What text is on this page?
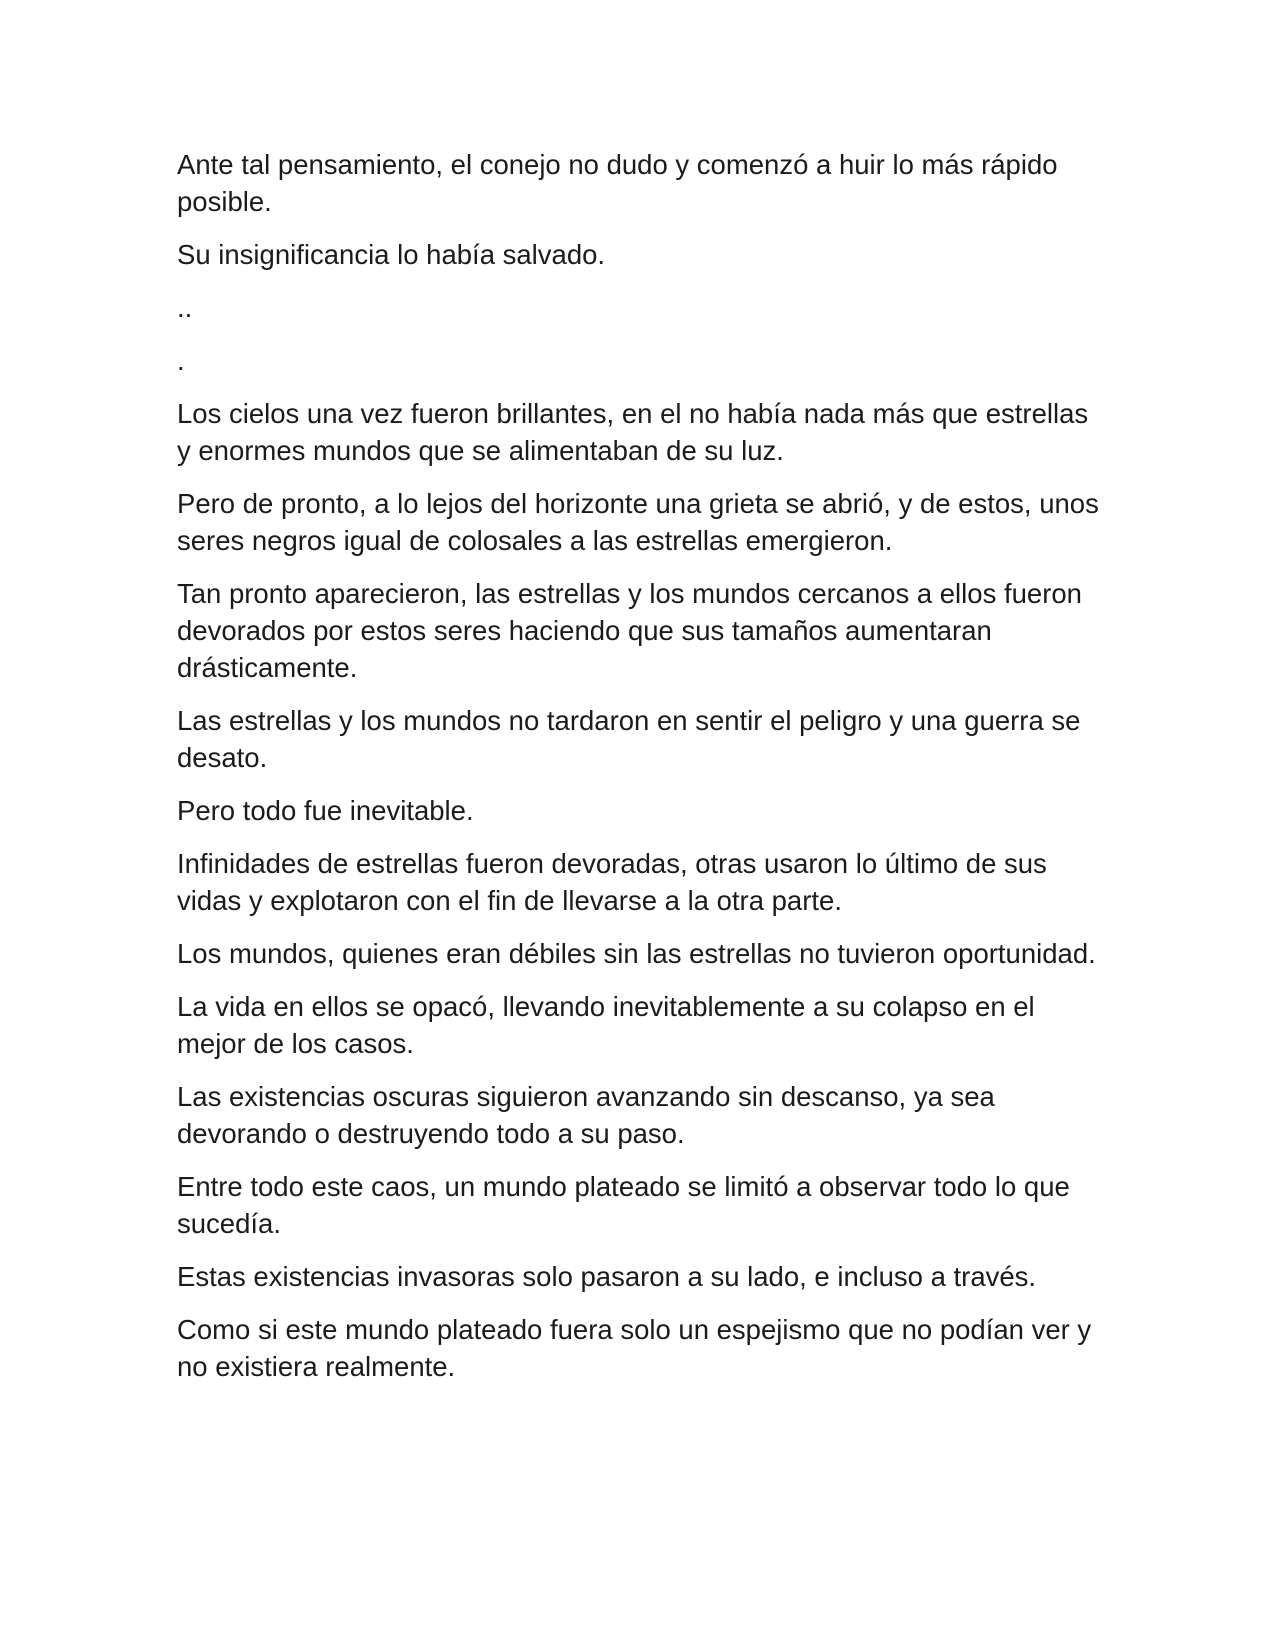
Ante tal pensamiento, el conejo no dudo y comenzó a huir lo más rápido posible.

Su insignificancia lo había salvado.

..

.

Los cielos una vez fueron brillantes, en el no había nada más que estrellas y enormes mundos que se alimentaban de su luz.

Pero de pronto, a lo lejos del horizonte una grieta se abrió, y de estos, unos seres negros igual de colosales a las estrellas emergieron.

Tan pronto aparecieron, las estrellas y los mundos cercanos a ellos fueron devorados por estos seres haciendo que sus tamaños aumentaran drásticamente.

Las estrellas y los mundos no tardaron en sentir el peligro y una guerra se desato.

Pero todo fue inevitable.

Infinidades de estrellas fueron devoradas, otras usaron lo último de sus vidas y explotaron con el fin de llevarse a la otra parte.

Los mundos, quienes eran débiles sin las estrellas no tuvieron oportunidad.

La vida en ellos se opacó, llevando inevitablemente a su colapso en el mejor de los casos.

Las existencias oscuras siguieron avanzando sin descanso, ya sea devorando o destruyendo todo a su paso.

Entre todo este caos, un mundo plateado se limitó a observar todo lo que sucedía.

Estas existencias invasoras solo pasaron a su lado, e incluso a través.

Como si este mundo plateado fuera solo un espejismo que no podían ver y no existiera realmente.
